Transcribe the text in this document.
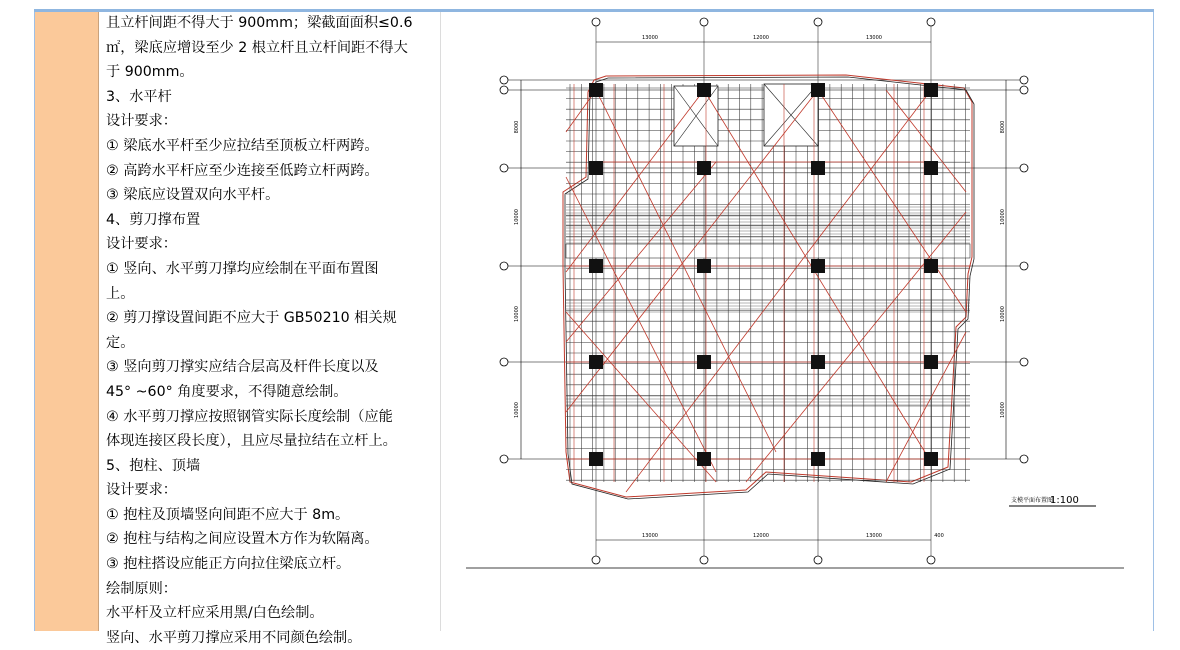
且立杆间距不得大于 900mm；梁截面面积≤0.6
㎡，梁底应增设至少 2 根立杆且立杆间距不得大
于 900mm。
3、水平杆
设计要求：
① 梁底水平杆至少应拉结至顶板立杆两跨。
② 高跨水平杆应至少连接至低跨立杆两跨。
③ 梁底应设置双向水平杆。
4、剪刀撑布置
设计要求：
① 竖向、水平剪刀撑均应绘制在平面布置图
上。
② 剪刀撑设置间距不应大于 GB50210 相关规
定。
③ 竖向剪刀撑实应结合层高及杆件长度以及
45° ~60° 角度要求，不得随意绘制。
④ 水平剪刀撑应按照钢管实际长度绘制（应能
体现连接区段长度），且应尽量拉结在立杆上。
5、抱柱、顶墙
设计要求：
① 抱柱及顶墙竖向间距不应大于 8m。
② 抱柱与结构之间应设置木方作为软隔离。
③ 抱柱搭设应能正方向拉住梁底立杆。
绘制原则：
水平杆及立杆应采用黑/白色绘制。
竖向、水平剪刀撑应采用不同颜色绘制。
13000	12000	13000
13000	12000	13000
8000	8000
10000	10000
10000	10000
10000	10000
400
支模平面布置图
1:100
